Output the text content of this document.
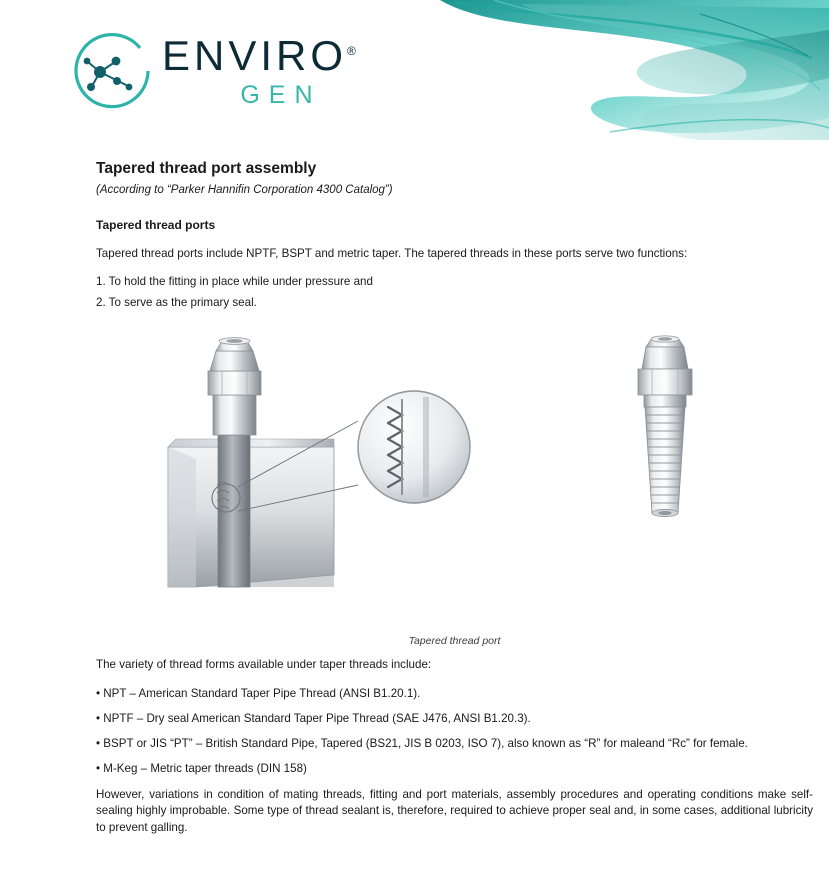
ENVIRO®
GEN
Tapered thread port assembly

(According to “Parker Hannifin Corporation 4300 Catalog”)

Tapered thread ports

Tapered thread ports include NPTF, BSPT and metric taper. The tapered threads in these ports serve two functions:

1. To hold the fitting in place while under pressure and

2. To serve as the primary seal.

Tapered thread port

The variety of thread forms available under taper threads include:

• NPT – American Standard Taper Pipe Thread (ANSI B1.20.1).

• NPTF – Dry seal American Standard Taper Pipe Thread (SAE J476, ANSI B1.20.3).

• BSPT or JIS “PT” – British Standard Pipe, Tapered (BS21, JIS B 0203, ISO 7), also known as “R” for maleand “Rc” for female.

• M-Keg – Metric taper threads (DIN 158)

However, variations in condition of mating threads, fitting and port materials, assembly procedures and operating conditions make self-sealing highly improbable. Some type of thread sealant is, therefore, required to achieve proper seal and, in some cases, additional lubricity to prevent galling.
